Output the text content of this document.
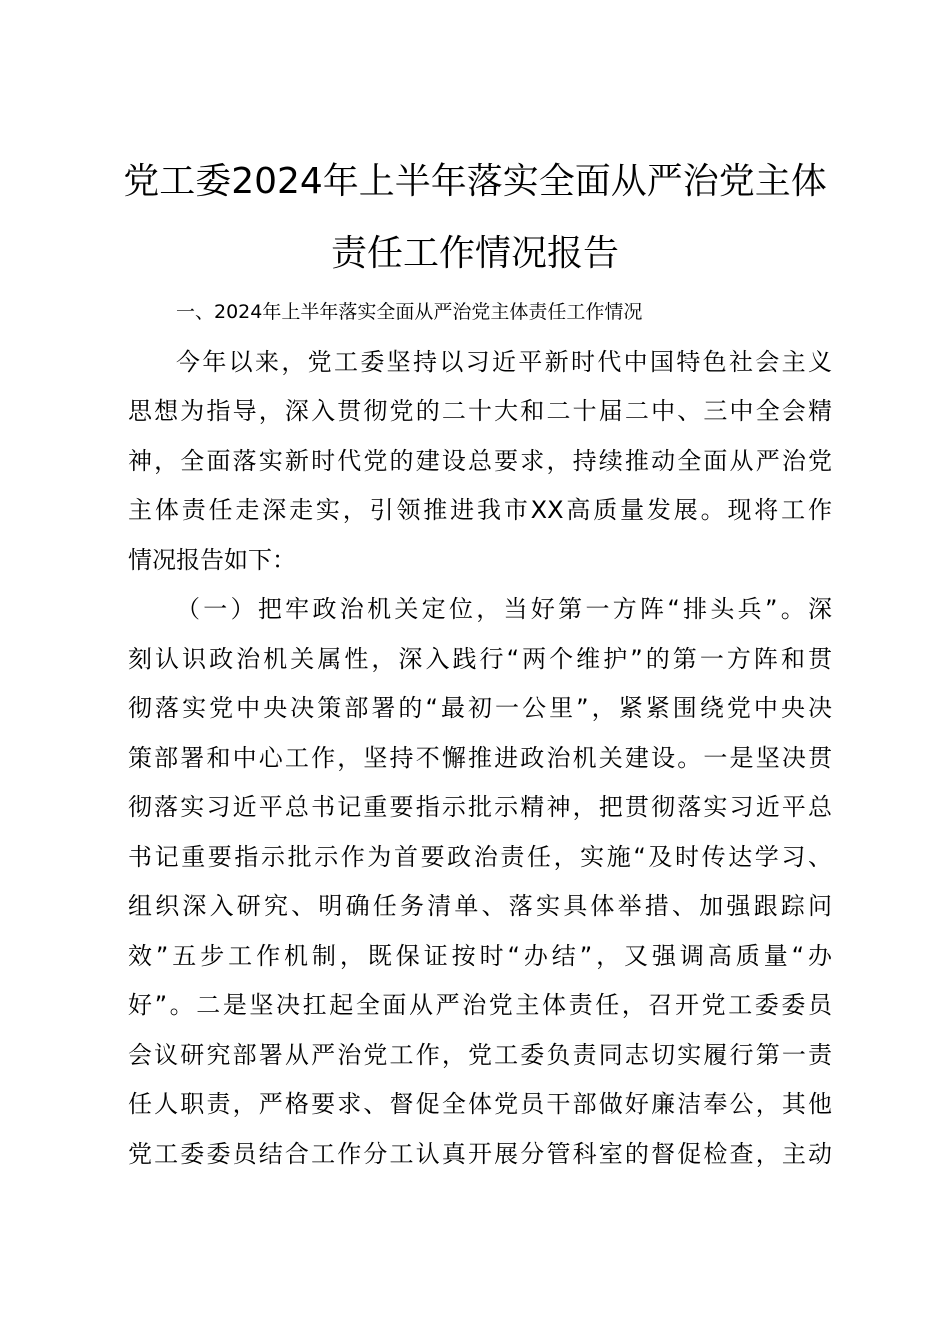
党工委2024年上半年落实全面从严治党主体
责任工作情况报告
一、2024年上半年落实全面从严治党主体责任工作情况
今年以来，党工委坚持以习近平新时代中国特色社会主义
思想为指导，深入贯彻党的二十大和二十届二中、三中全会精
神，全面落实新时代党的建设总要求，持续推动全面从严治党
主体责任走深走实，引领推进我市XX高质量发展。现将工作
情况报告如下：
（一）把牢政治机关定位，当好第一方阵“排头兵”。深
刻认识政治机关属性，深入践行“两个维护”的第一方阵和贯
彻落实党中央决策部署的“最初一公里”，紧紧围绕党中央决
策部署和中心工作，坚持不懈推进政治机关建设。一是坚决贯
彻落实习近平总书记重要指示批示精神，把贯彻落实习近平总
书记重要指示批示作为首要政治责任，实施“及时传达学习、
组织深入研究、明确任务清单、落实具体举措、加强跟踪问
效”五步工作机制，既保证按时“办结”，又强调高质量“办
好”。二是坚决扛起全面从严治党主体责任，召开党工委委员
会议研究部署从严治党工作，党工委负责同志切实履行第一责
任人职责，严格要求、督促全体党员干部做好廉洁奉公，其他
党工委委员结合工作分工认真开展分管科室的督促检查，主动
